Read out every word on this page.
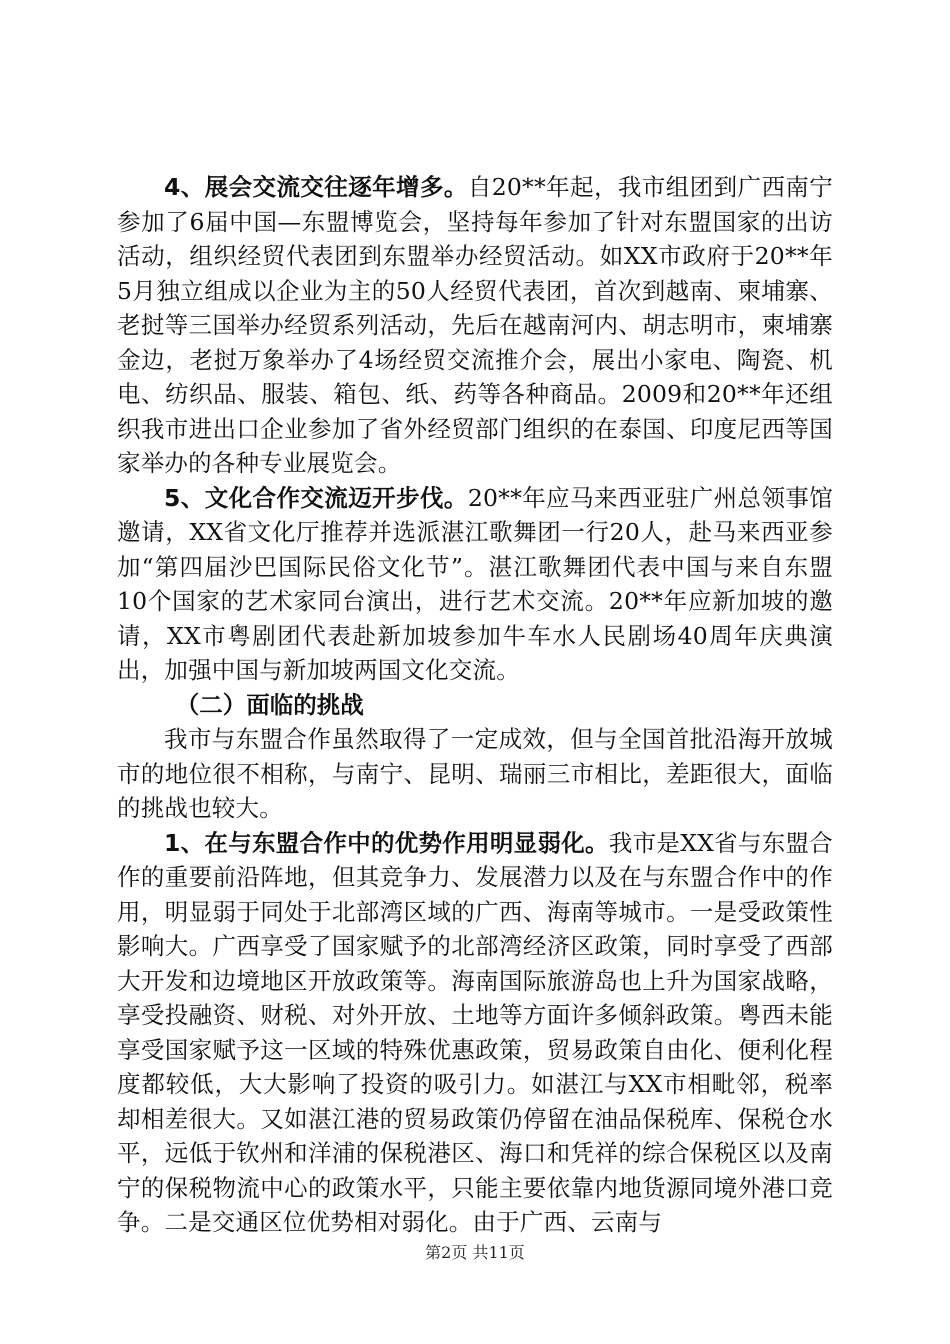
4、展会交流交往逐年增多。自20**年起，我市组团到广西南宁参加了6届中国—东盟博览会，坚持每年参加了针对东盟国家的出访活动，组织经贸代表团到东盟举办经贸活动。如XX市政府于20**年5月独立组成以企业为主的50人经贸代表团，首次到越南、柬埔寨、老挝等三国举办经贸系列活动，先后在越南河内、胡志明市，柬埔寨金边，老挝万象举办了4场经贸交流推介会，展出小家电、陶瓷、机电、纺织品、服装、箱包、纸、药等各种商品。2009和20**年还组织我市进出口企业参加了省外经贸部门组织的在泰国、印度尼西等国家举办的各种专业展览会。

5、文化合作交流迈开步伐。20**年应马来西亚驻广州总领事馆邀请，XX省文化厅推荐并选派湛江歌舞团一行20人，赴马来西亚参加“第四届沙巴国际民俗文化节”。湛江歌舞团代表中国与来自东盟10个国家的艺术家同台演出，进行艺术交流。20**年应新加坡的邀请，XX市粤剧团代表赴新加坡参加牛车水人民剧场40周年庆典演出，加强中国与新加坡两国文化交流。

（二）面临的挑战

我市与东盟合作虽然取得了一定成效，但与全国首批沿海开放城市的地位很不相称，与南宁、昆明、瑞丽三市相比，差距很大，面临的挑战也较大。

1、在与东盟合作中的优势作用明显弱化。我市是XX省与东盟合作的重要前沿阵地，但其竞争力、发展潜力以及在与东盟合作中的作用，明显弱于同处于北部湾区域的广西、海南等城市。一是受政策性影响大。广西享受了国家赋予的北部湾经济区政策，同时享受了西部大开发和边境地区开放政策等。海南国际旅游岛也上升为国家战略，享受投融资、财税、对外开放、土地等方面许多倾斜政策。粤西未能享受国家赋予这一区域的特殊优惠政策，贸易政策自由化、便利化程度都较低，大大影响了投资的吸引力。如湛江与XX市相毗邻，税率却相差很大。又如湛江港的贸易政策仍停留在油品保税库、保税仓水平，远低于钦州和洋浦的保税港区、海口和凭祥的综合保税区以及南宁的保税物流中心的政策水平，只能主要依靠内地货源同境外港口竞争。二是交通区位优势相对弱化。由于广西、云南与

第2页 共11页
